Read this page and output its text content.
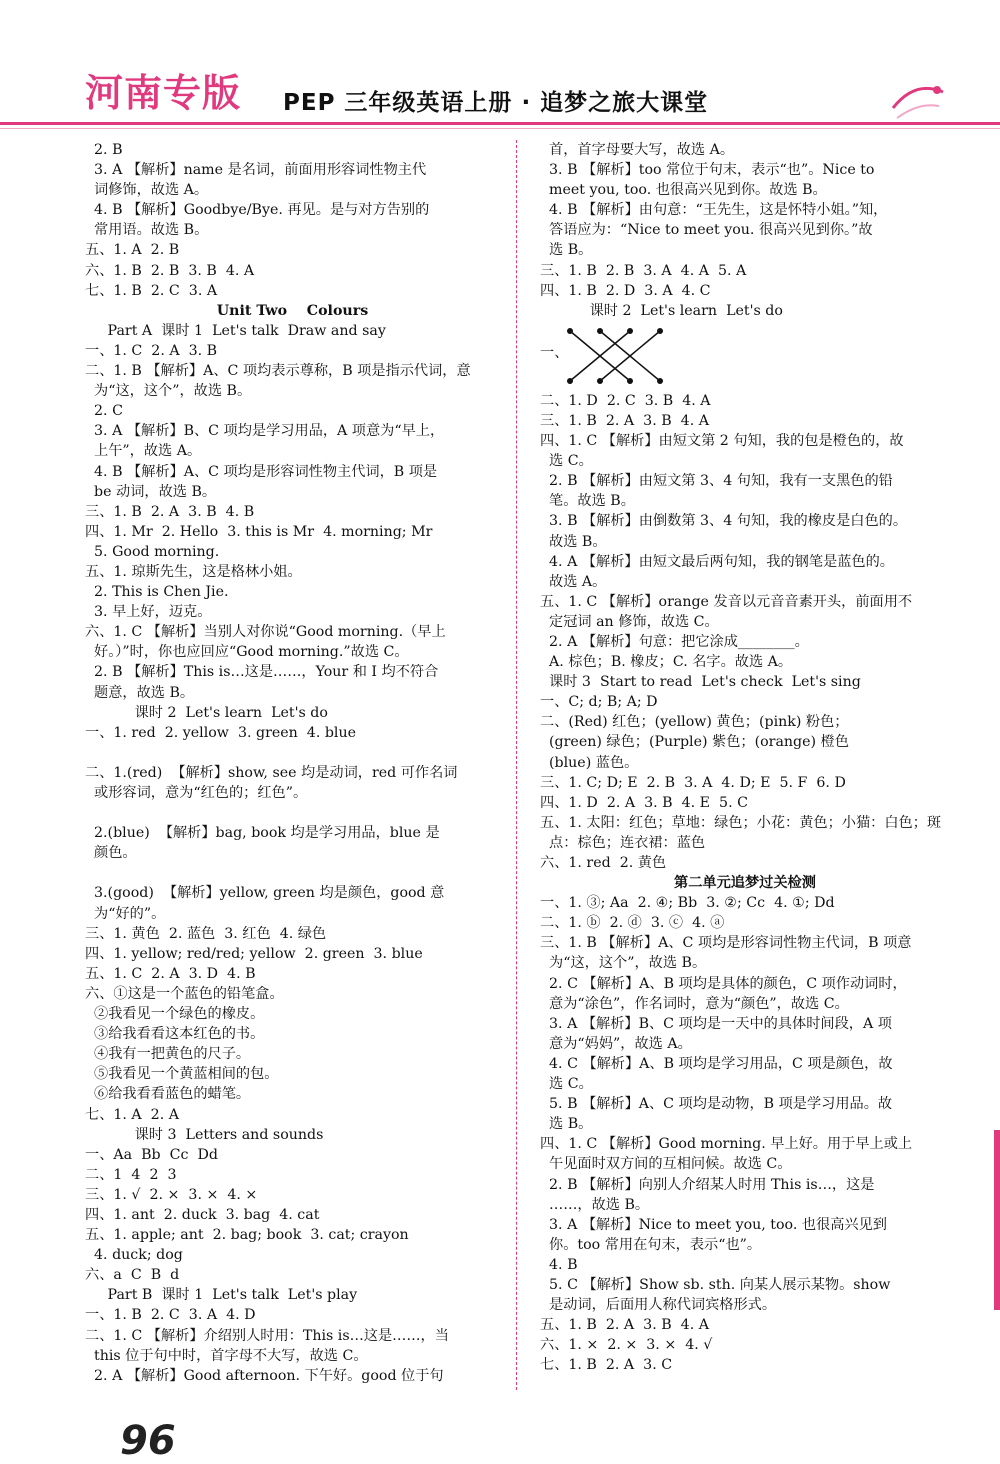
河南专版 PEP 三年级英语上册 · 追梦之旅大课堂
2. B
3. A 【解析】name 是名词，前面用形容词性物主代
词修饰，故选 A。
4. B 【解析】Goodbye/Bye. 再见。是与对方告别的
常用语。故选 B。
五、1. A  2. B
六、1. B  2. B  3. B  4. A
七、1. B  2. C  3. A
Unit Two    Colours
Part A  课时 1  Let's talk  Draw and say
一、1. C  2. A  3. B
二、1. B 【解析】A、C 项均表示尊称，B 项是指示代词，意
为“这，这个”，故选 B。
2. C
3. A 【解析】B、C 项均是学习用品，A 项意为“早上，
上午”，故选 A。
4. B 【解析】A、C 项均是形容词性物主代词，B 项是
be 动词，故选 B。
三、1. B  2. A  3. B  4. B
四、1. Mr  2. Hello  3. this is Mr  4. morning; Mr
5. Good morning.
五、1. 琼斯先生，这是格林小姐。
2. This is Chen Jie.
3. 早上好，迈克。
六、1. C 【解析】当别人对你说“Good morning.（早上
好。）”时，你也应回应“Good morning.”故选 C。
2. B 【解析】This is…这是……，Your 和 I 均不符合
题意，故选 B。
课时 2  Let's learn  Let's do
一、1. red  2. yellow  3. green  4. blue

二、1.(red)  【解析】show, see 均是动词，red 可作名词
或形容词，意为“红色的；红色”。

2.(blue)  【解析】bag, book 均是学习用品，blue 是
颜色。

3.(good)  【解析】yellow, green 均是颜色，good 意
为“好的”。
三、1. 黄色  2. 蓝色  3. 红色  4. 绿色
四、1. yellow; red/red; yellow  2. green  3. blue
五、1. C  2. A  3. D  4. B
六、①这是一个蓝色的铅笔盒。
②我看见一个绿色的橡皮。
③给我看看这本红色的书。
④我有一把黄色的尺子。
⑤我看见一个黄蓝相间的包。
⑥给我看看蓝色的蜡笔。
七、1. A  2. A
课时 3  Letters and sounds
一、Aa  Bb  Cc  Dd
二、1  4  2  3
三、1. √  2. ×  3. ×  4. ×
四、1. ant  2. duck  3. bag  4. cat
五、1. apple; ant  2. bag; book  3. cat; crayon
4. duck; dog
六、a  C  B  d
Part B  课时 1  Let's talk  Let's play
一、1. B  2. C  3. A  4. D
二、1. C 【解析】介绍别人时用：This is…这是……，当
this 位于句中时，首字母不大写，故选 C。
2. A 【解析】Good afternoon. 下午好。good 位于句
首，首字母要大写，故选 A。
3. B 【解析】too 常位于句末，表示“也”。Nice to
meet you, too. 也很高兴见到你。故选 B。
4. B 【解析】由句意：“王先生，这是怀特小姐。”知，
答语应为：“Nice to meet you. 很高兴见到你。”故
选 B。
三、1. B  2. B  3. A  4. A  5. A
四、1. B  2. D  3. A  4. C
课时 2  Let's learn  Let's do
一、
二、1. D  2. C  3. B  4. A
三、1. B  2. A  3. B  4. A
四、1. C 【解析】由短文第 2 句知，我的包是橙色的，故
选 C。
2. B 【解析】由短文第 3、4 句知，我有一支黑色的铅
笔。故选 B。
3. B 【解析】由倒数第 3、4 句知，我的橡皮是白色的。
故选 B。
4. A 【解析】由短文最后两句知，我的钢笔是蓝色的。
故选 A。
五、1. C 【解析】orange 发音以元音音素开头，前面用不
定冠词 an 修饰，故选 C。
2. A 【解析】句意：把它涂成________。
A. 棕色；B. 橡皮；C. 名字。故选 A。
课时 3  Start to read  Let's check  Let's sing
一、C; d; B; A; D
二、(Red) 红色；(yellow) 黄色；(pink) 粉色；
(green) 绿色；(Purple) 紫色；(orange) 橙色
(blue) 蓝色。
三、1. C; D; E  2. B  3. A  4. D; E  5. F  6. D
四、1. D  2. A  3. B  4. E  5. C
五、1. 太阳：红色；草地：绿色；小花：黄色；小猫：白色；斑
点：棕色；连衣裙：蓝色
六、1. red  2. 黄色
第二单元追梦过关检测
一、1. ③; Aa  2. ④; Bb  3. ②; Cc  4. ①; Dd
二、1. ⓑ  2. ⓓ  3. ⓒ  4. ⓐ
三、1. B 【解析】A、C 项均是形容词性物主代词，B 项意
为“这，这个”，故选 B。
2. C 【解析】A、B 项均是具体的颜色，C 项作动词时，
意为“涂色”，作名词时，意为“颜色”，故选 C。
3. A 【解析】B、C 项均是一天中的具体时间段，A 项
意为“妈妈”，故选 A。
4. C 【解析】A、B 项均是学习用品，C 项是颜色，故
选 C。
5. B 【解析】A、C 项均是动物，B 项是学习用品。故
选 B。
四、1. C 【解析】Good morning. 早上好。用于早上或上
午见面时双方间的互相问候。故选 C。
2. B 【解析】向别人介绍某人时用 This is…，这是
……，故选 B。
3. A 【解析】Nice to meet you, too. 也很高兴见到
你。too 常用在句末，表示“也”。
4. B
5. C 【解析】Show sb. sth. 向某人展示某物。show
是动词，后面用人称代词宾格形式。
五、1. B  2. A  3. B  4. A
六、1. ×  2. ×  3. ×  4. √
七、1. B  2. A  3. C
96
